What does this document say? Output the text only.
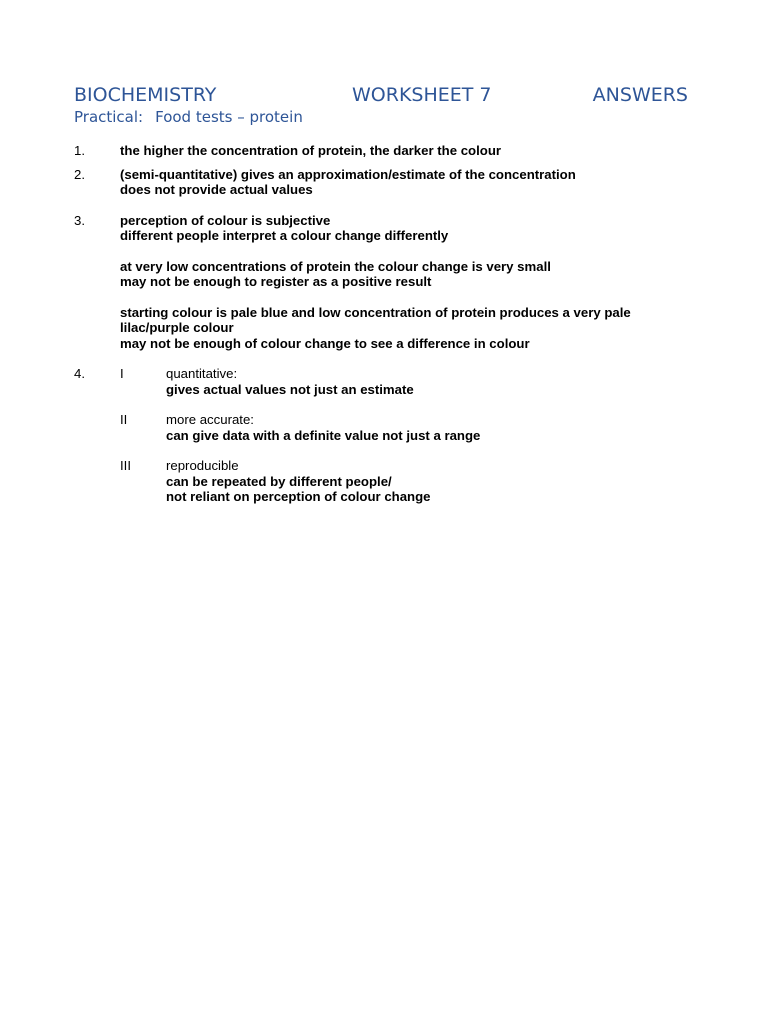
BIOCHEMISTRY	WORKSHEET 7	ANSWERS
Practical: Food tests – protein
1.	the higher the concentration of protein, the darker the colour
2.	(semi-quantitative) gives an approximation/estimate of the concentration
does not provide actual values
3.	perception of colour is subjective
different people interpret a colour change differently
at very low concentrations of protein the colour change is very small
may not be enough to register as a positive result
starting colour is pale blue and low concentration of protein produces a very pale
lilac/purple colour
may not be enough of colour change to see a difference in colour
4.	I	quantitative:
gives actual values not just an estimate
II	more accurate:
can give data with a definite value not just a range
III	reproducible
can be repeated by different people/
not reliant on perception of colour change
